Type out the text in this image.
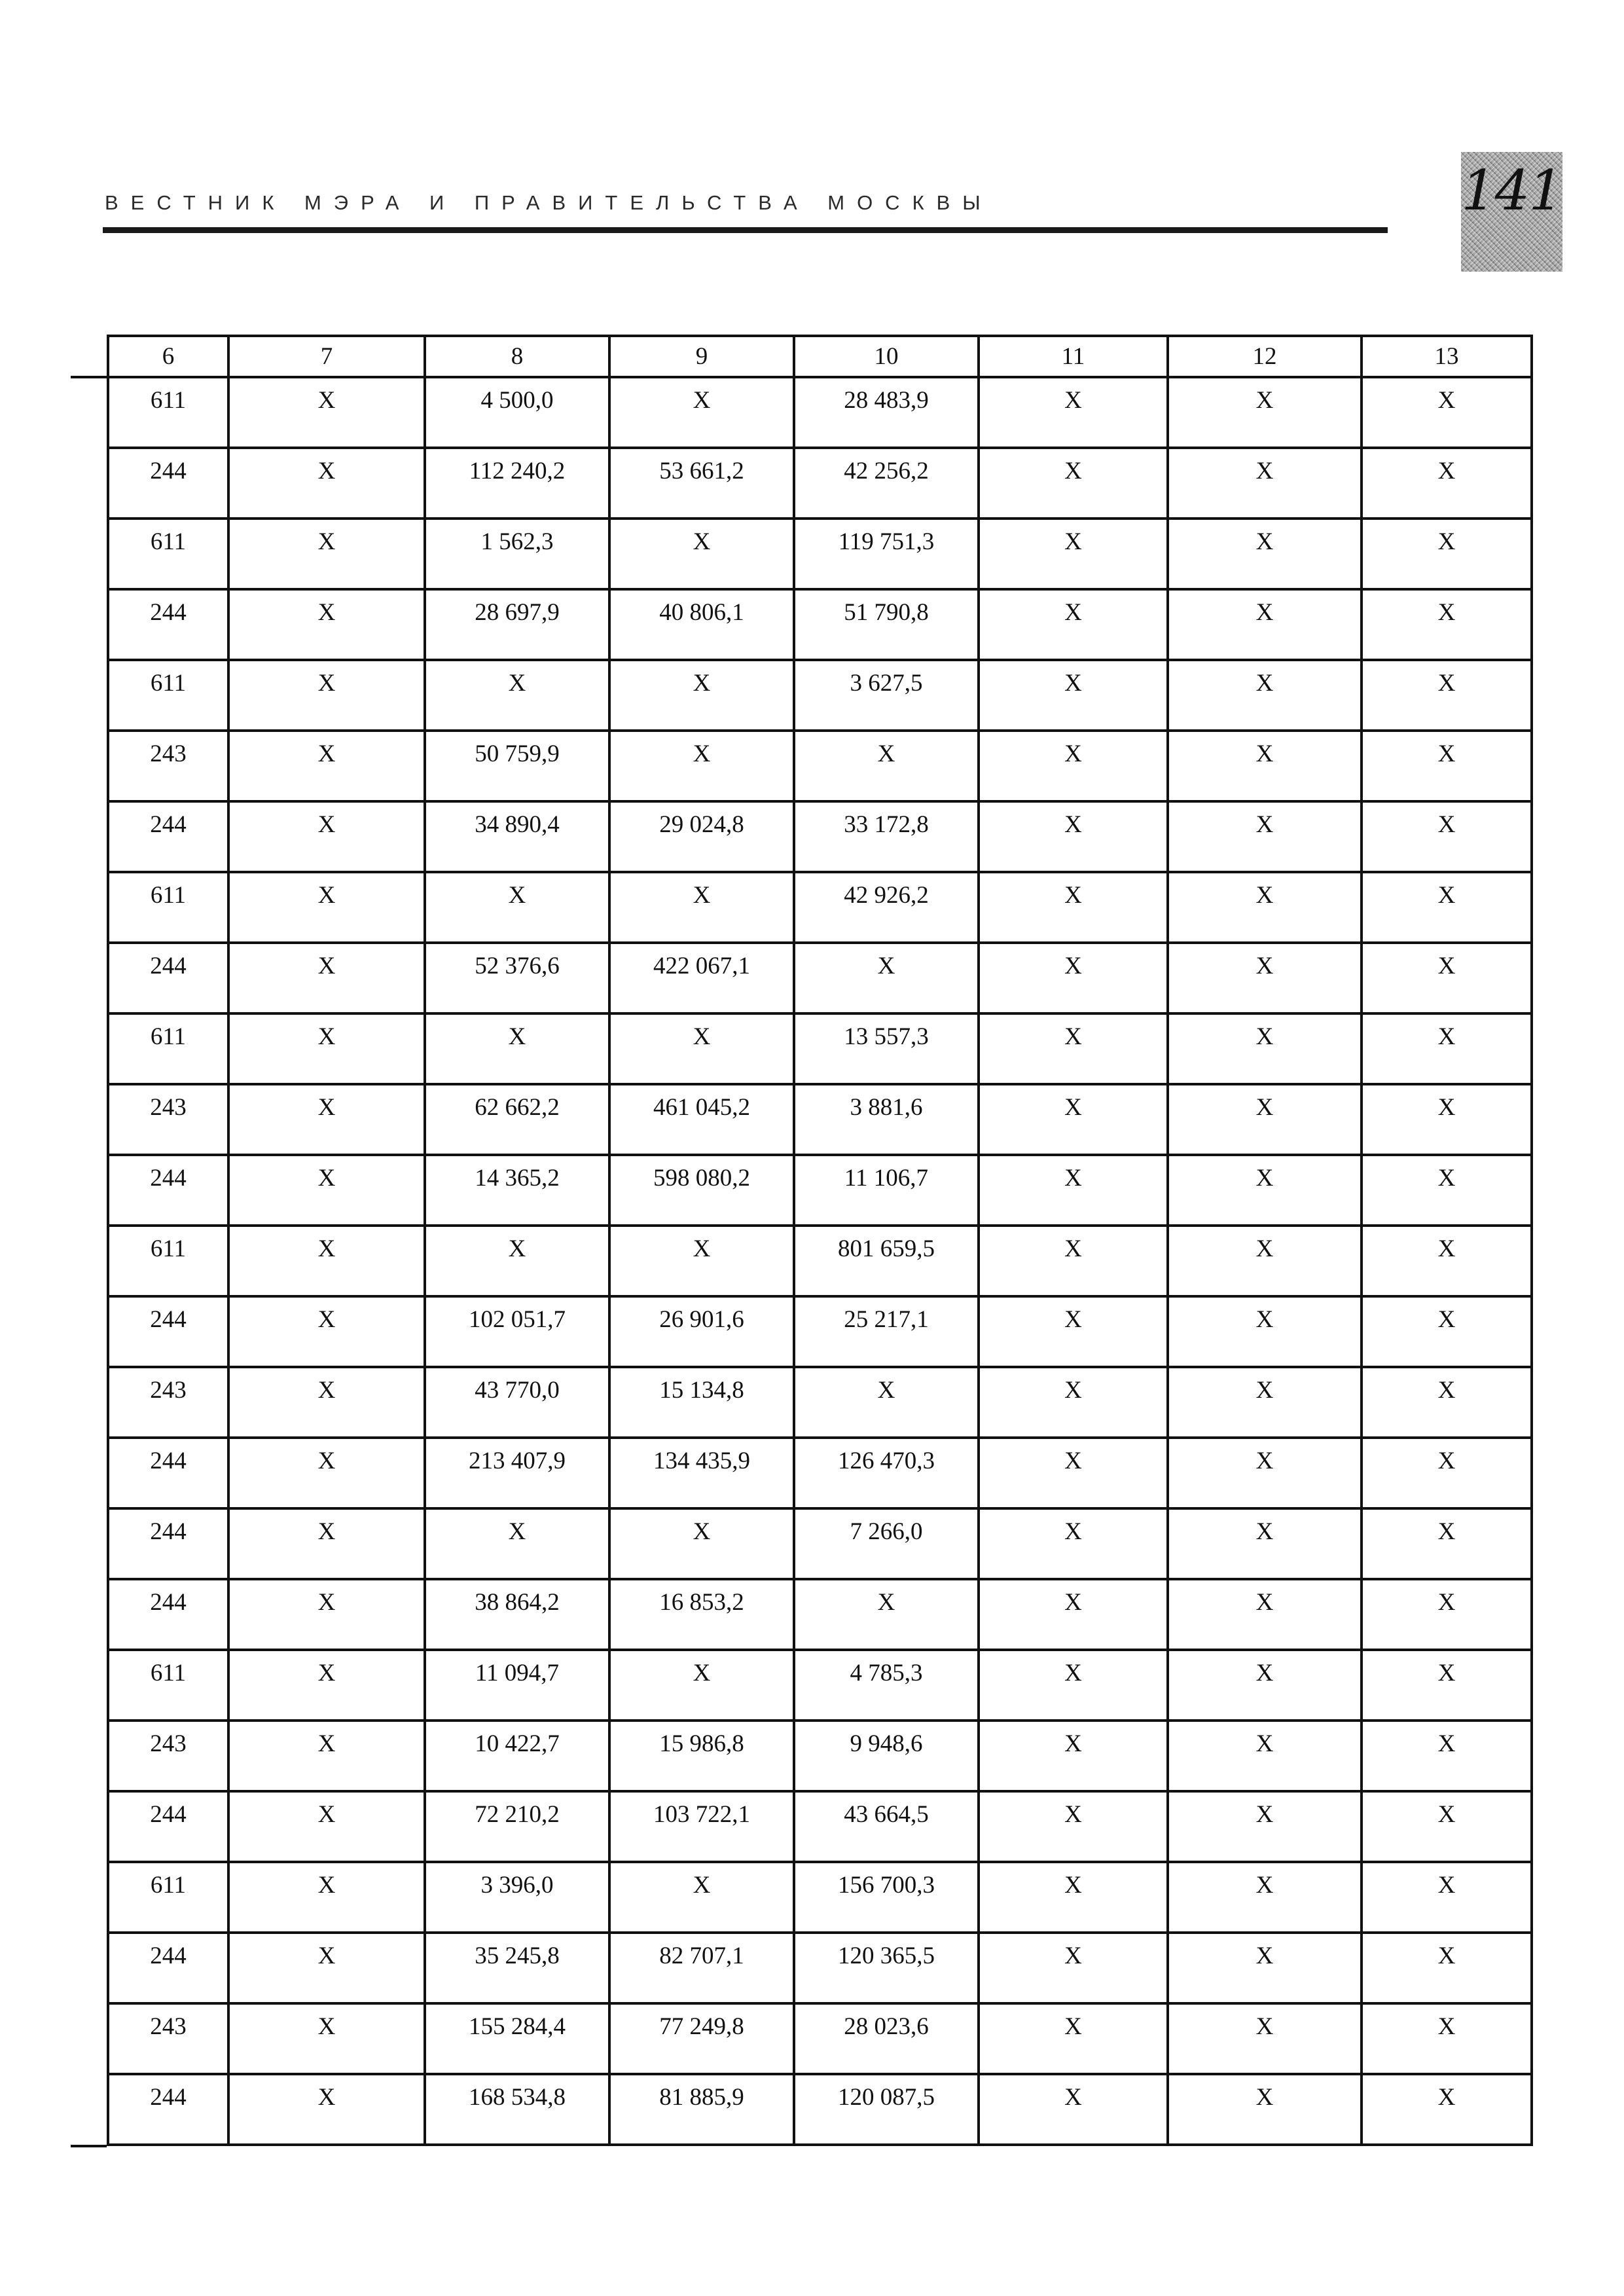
ВЕСТНИК МЭРА И ПРАВИТЕЛЬСТВА МОСКВЫ	141
6	7	8	9	10	11	12	13
611	X	4 500,0	X	28 483,9	X	X	X
244	X	112 240,2	53 661,2	42 256,2	X	X	X
611	X	1 562,3	X	119 751,3	X	X	X
244	X	28 697,9	40 806,1	51 790,8	X	X	X
611	X	X	X	3 627,5	X	X	X
243	X	50 759,9	X	X	X	X	X
244	X	34 890,4	29 024,8	33 172,8	X	X	X
611	X	X	X	42 926,2	X	X	X
244	X	52 376,6	422 067,1	X	X	X	X
611	X	X	X	13 557,3	X	X	X
243	X	62 662,2	461 045,2	3 881,6	X	X	X
244	X	14 365,2	598 080,2	11 106,7	X	X	X
611	X	X	X	801 659,5	X	X	X
244	X	102 051,7	26 901,6	25 217,1	X	X	X
243	X	43 770,0	15 134,8	X	X	X	X
244	X	213 407,9	134 435,9	126 470,3	X	X	X
244	X	X	X	7 266,0	X	X	X
244	X	38 864,2	16 853,2	X	X	X	X
611	X	11 094,7	X	4 785,3	X	X	X
243	X	10 422,7	15 986,8	9 948,6	X	X	X
244	X	72 210,2	103 722,1	43 664,5	X	X	X
611	X	3 396,0	X	156 700,3	X	X	X
244	X	35 245,8	82 707,1	120 365,5	X	X	X
243	X	155 284,4	77 249,8	28 023,6	X	X	X
244	X	168 534,8	81 885,9	120 087,5	X	X	X
